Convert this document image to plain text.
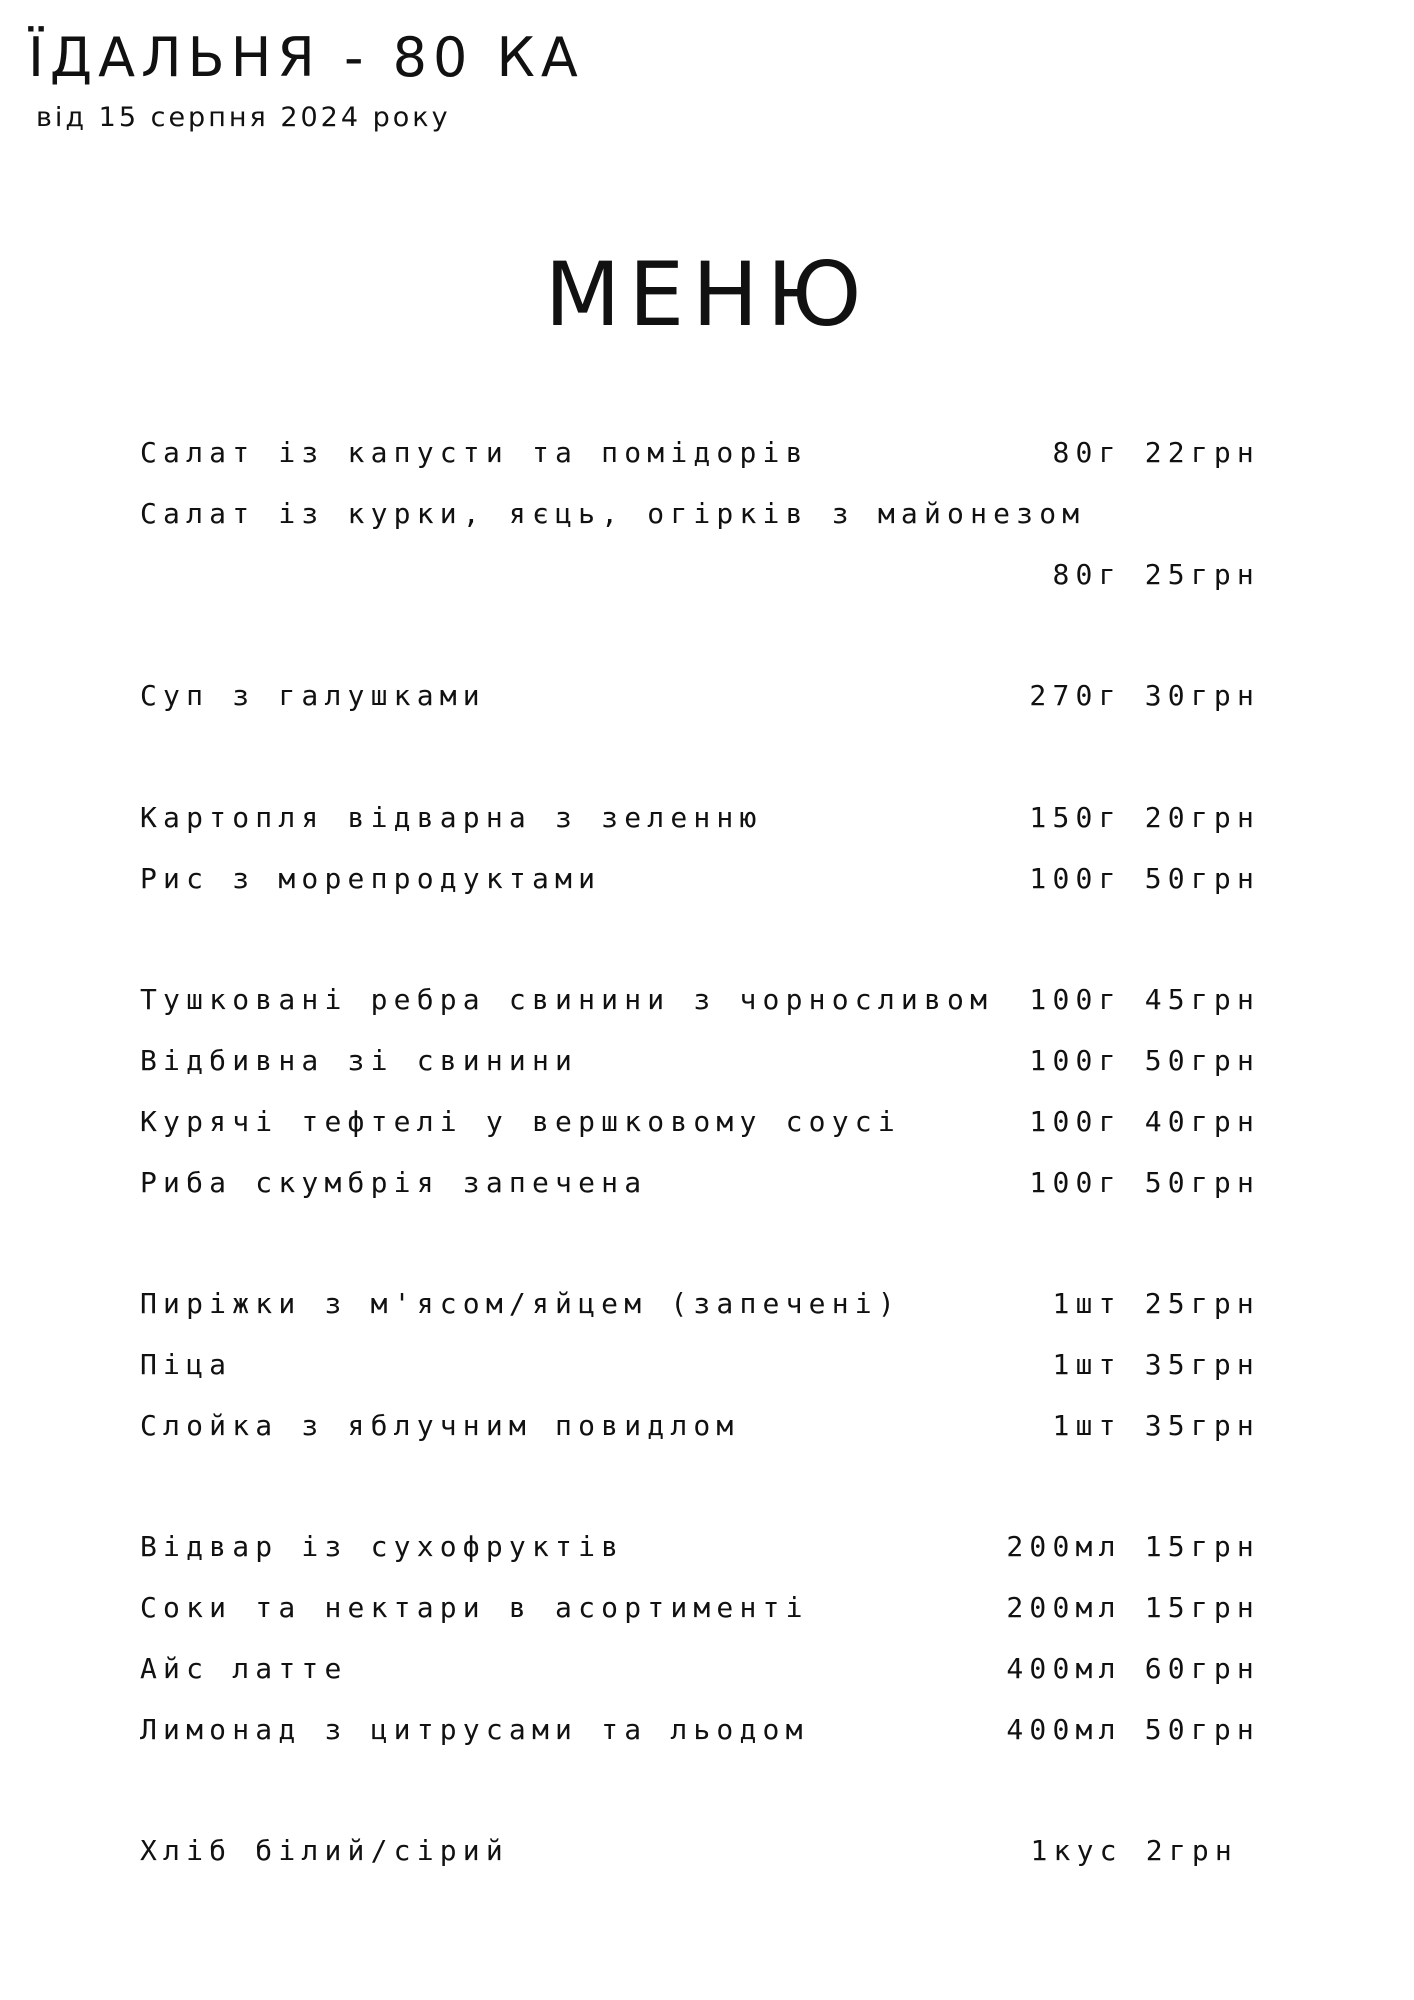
ЇДАЛЬНЯ - 80 КА
від 15 серпня 2024 року
МЕНЮ
Салат із капусти та помідорів	80г 22грн
Салат із курки, яєць, огірків з майонезом
80г 25грн
Суп з галушками	270г 30грн
Картопля відварна з зеленню	150г 20грн
Рис з морепродуктами	100г 50грн
Тушковані ребра свинини з чорносливом 100г 45грн
Відбивна зі свинини	100г 50грн
Курячі тефтелі у вершковому соусі	100г 40грн
Риба скумбрія запечена	100г 50грн
Пиріжки з м'ясом/яйцем (запечені)	1шт 25грн
Піца	1шт 35грн
Слойка з яблучним повидлом	1шт 35грн
Відвар із сухофруктів	200мл 15грн
Соки та нектари в асортименті	200мл 15грн
Айс латте	400мл 60грн
Лимонад з цитрусами та льодом	400мл 50грн
Хліб білий/сірий	1кус 2грн
